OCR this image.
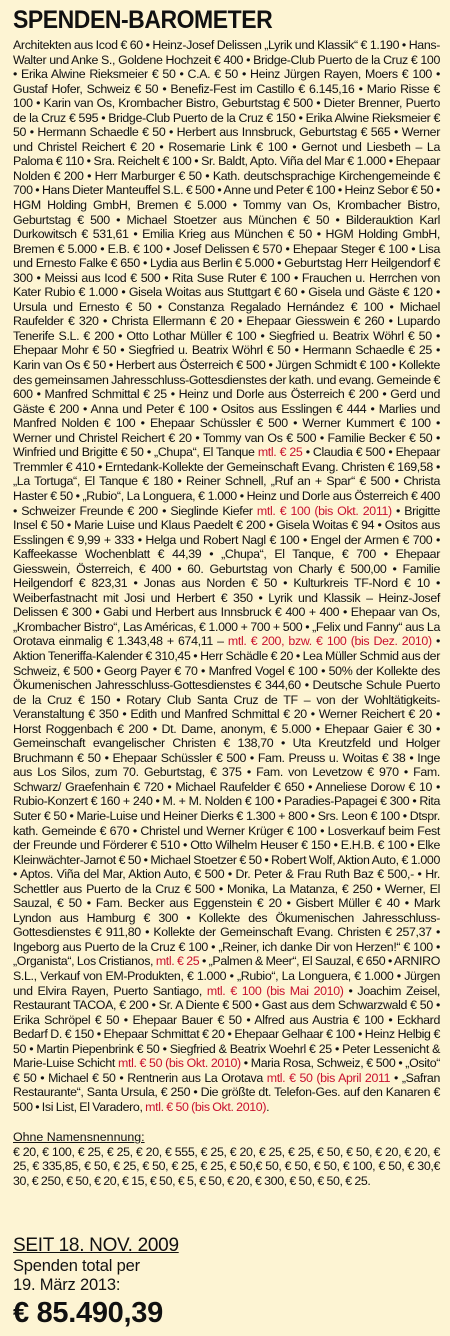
SPENDEN-BAROMETER
Architekten aus Icod € 60 • Heinz-Josef Delissen „Lyrik und Klassik“ € 1.190 • Hans-Walter und Anke S., Goldene Hochzeit € 400 • Bridge-Club Puerto de la Cruz € 100 • Erika Alwine Rieksmeier € 50 • C.A. € 50 • Heinz Jürgen Rayen, Moers € 100 • Gustaf Hofer, Schweiz € 50 • Benefiz-Fest im Castillo € 6.145,16 • Mario Risse € 100 • Karin van Os, Krombacher Bistro, Geburtstag € 500 • Dieter Brenner, Puerto de la Cruz € 595 • Bridge-Club Puerto de la Cruz € 150 • Erika Alwine Rieksmeier € 50 • Hermann Schaedle € 50 • Herbert aus Innsbruck, Geburtstag € 565 • Werner und Christel Reichert € 20 • Rosemarie Link € 100 • Gernot und Liesbeth – La Paloma € 110 • Sra. Reichelt € 100 • Sr. Baldt, Apto. Viña del Mar € 1.000 • Ehepaar Nolden € 200 • Herr Marburger € 50 • Kath. deutschsprachige Kirchengemeinde € 700 • Hans Dieter Manteuffel S.L. € 500 • Anne und Peter € 100 • Heinz Sebor € 50 • HGM Holding GmbH, Bremen € 5.000 • Tommy van Os, Krombacher Bistro, Geburtstag € 500 • Michael Stoetzer aus München € 50 • Bilderauktion Karl Durkowitsch € 531,61 • Emilia Krieg aus München € 50 • HGM Holding GmbH, Bremen € 5.000 • E.B. € 100 • Josef Delissen € 570 • Ehepaar Steger € 100 • Lisa und Ernesto Falke € 650 • Lydia aus Berlin € 5.000 • Geburtstag Herr Heilgendorf € 300 • Meissi aus Icod € 500 • Rita Suse Ruter € 100 • Frauchen u. Herrchen von Kater Rubio € 1.000 • Gisela Woitas aus Stuttgart € 60 • Gisela und Gäste € 120 • Ursula und Ernesto € 50 • Constanza Regalado Hernández € 100 • Michael Raufelder € 320 • Christa Ellermann € 20 • Ehepaar Giesswein € 260 • Lupardo Tenerife S.L. € 200 • Otto Lothar Müller € 100 • Siegfried u. Beatrix Wöhrl € 50 • Ehepaar Mohr € 50 • Siegfried u. Beatrix Wöhrl € 50 • Hermann Schaedle € 25 • Karin van Os € 50 • Herbert aus Österreich € 500 • Jürgen Schmidt € 100 • Kollekte des gemeinsamen Jahresschluss-Gottesdienstes der kath. und evang. Gemeinde € 600 • Manfred Schmittal € 25 • Heinz und Dorle aus Österreich € 200 • Gerd und Gäste € 200 • Anna und Peter € 100 • Ositos aus Esslingen € 444 • Marlies und Manfred Nolden € 100 • Ehepaar Schüssler € 500 • Werner Kummert € 100 • Werner und Christel Reichert € 20 • Tommy van Os € 500 • Familie Becker € 50 • Winfried und Brigitte € 50 • „Chupa“, El Tanque mtl. € 25 • Claudia € 500 • Ehepaar Tremmler € 410 • Erntedank-Kollekte der Gemeinschaft Evang. Christen € 169,58 • „La Tortuga“, El Tanque € 180 • Reiner Schnell, „Ruf an + Spar“ € 500 • Christa Haster € 50 • „Rubio“, La Longuera, € 1.000 • Heinz und Dorle aus Österreich € 400 • Schweizer Freunde € 200 • Sieglinde Kiefer mtl. € 100 (bis Okt. 2011) • Brigitte Insel € 50 • Marie Luise und Klaus Paedelt € 200 • Gisela Woitas € 94 • Ositos aus Esslingen € 9,99 + 333 • Helga und Robert Nagl € 100 • Engel der Armen € 700 • Kaffeekasse Wochenblatt € 44,39 • „Chupa“, El Tanque, € 700 • Ehepaar Giesswein, Österreich, € 400 • 60. Geburtstag von Charly € 500,00 • Familie Heilgendorf € 823,31 • Jonas aus Norden € 50 • Kulturkreis TF-Nord € 10 • Weiberfastnacht mit Josi und Herbert € 350 • Lyrik und Klassik – Heinz-Josef Delissen € 300 • Gabi und Herbert aus Innsbruck € 400 + 400 • Ehepaar van Os, „Krombacher Bistro“, Las Américas, € 1.000 + 700 + 500 • „Felix und Fanny“ aus La Orotava einmalig € 1.343,48 + 674,11 – mtl. € 200, bzw. € 100 (bis Dez. 2010) • Aktion Teneriffa-Kalender € 310,45 • Herr Schädle € 20 • Lea Müller Schmid aus der Schweiz, € 500 • Georg Payer € 70 • Manfred Vogel € 100 • 50% der Kollekte des Ökumenischen Jahresschluss-Gottesdienstes € 344,60 • Deutsche Schule Puerto de la Cruz € 150 • Rotary Club Santa Cruz de TF – von der Wohltätigkeits-Veranstaltung € 350 • Edith und Manfred Schmittal € 20 • Werner Reichert € 20 • Horst Roggenbach € 200 • Dt. Dame, anonym, € 5.000 • Ehepaar Gaier € 30 • Gemeinschaft evangelischer Christen € 138,70 • Uta Kreutzfeld und Holger Bruchmann € 50 • Ehepaar Schüssler € 500 • Fam. Preuss u. Woitas € 38 • Inge aus Los Silos, zum 70. Geburtstag, € 375 • Fam. von Levetzow € 970 • Fam. Schwarz/ Graefenhain € 720 • Michael Raufelder € 650 • Anneliese Dorow € 10 • Rubio-Konzert € 160 + 240 • M. + M. Nolden € 100 • Paradies-Papagei € 300 • Rita Suter € 50 • Marie-Luise und Heiner Dierks € 1.300 + 800 • Srs. Leon € 100 • Dtspr. kath. Gemeinde € 670 • Christel und Werner Krüger € 100 • Losverkauf beim Fest der Freunde und Förderer € 510 • Otto Wilhelm Heuser € 150 • E.H.B. € 100 • Elke Kleinwächter-Jarnot € 50 • Michael Stoetzer € 50 • Robert Wolf, Aktion Auto, € 1.000 • Aptos. Viña del Mar, Aktion Auto, € 500 • Dr. Peter & Frau Ruth Baz € 500,- • Hr. Schettler aus Puerto de la Cruz € 500 • Monika, La Matanza, € 250 • Werner, El Sauzal, € 50 • Fam. Becker aus Eggenstein € 20 • Gisbert Müller € 40 • Mark Lyndon aus Hamburg € 300 • Kollekte des Ökumenischen Jahresschluss-Gottesdienstes € 911,80 • Kollekte der Gemeinschaft Evang. Christen € 257,37 • Ingeborg aus Puerto de la Cruz € 100 • „Reiner, ich danke Dir von Herzen!“ € 100 • „Organista“, Los Cristianos, mtl. € 25 • „Palmen & Meer“, El Sauzal, € 650 • ARNIRO S.L., Verkauf von EM-Produkten, € 1.000 • „Rubio“, La Longuera, € 1.000 • Jürgen und Elvira Rayen, Puerto Santiago, mtl. € 100 (bis Mai 2010) • Joachim Zeisel, Restaurant TACOA, € 200 • Sr. A Diente € 500 • Gast aus dem Schwarzwald € 50 • Erika Schröpel € 50 • Ehepaar Bauer € 50 • Alfred aus Austria € 100 • Eckhard Bedarf D. € 150 • Ehepaar Schmittat € 20 • Ehepaar Gelhaar € 100 • Heinz Helbig € 50 • Martin Piepenbrink € 50 • Siegfried & Beatrix Woehrl € 25 • Peter Lessenicht & Marie-Luise Schicht mtl. € 50 (bis Okt. 2010) • Maria Rosa, Schweiz, € 500 • „Osito“ € 50 • Michael € 50 • Rentnerin aus La Orotava mtl. € 50 (bis April 2011 • „Safran Restaurante“, Santa Ursula, € 250 • Die größte dt. Telefon-Ges. auf den Kanaren € 500 • Isi List, El Varadero, mtl. € 50 (bis Okt. 2010).
Ohne Namensnennung:
€ 20, € 100, € 25, € 25, € 20, € 555, € 25, € 20, € 25, € 25, € 50, € 50, € 20, € 20, € 25, € 335,85, € 50, € 25, € 50, € 25, € 25, € 50,€ 50, € 50, € 50, € 100, € 50, € 30,€ 30, € 250, € 50, € 20, € 15, € 50, € 5, € 50, € 20, € 300, € 50, € 50, € 25.
SEIT 18. NOV. 2009
Spenden total per
19. März 2013:
€ 85.490,39
